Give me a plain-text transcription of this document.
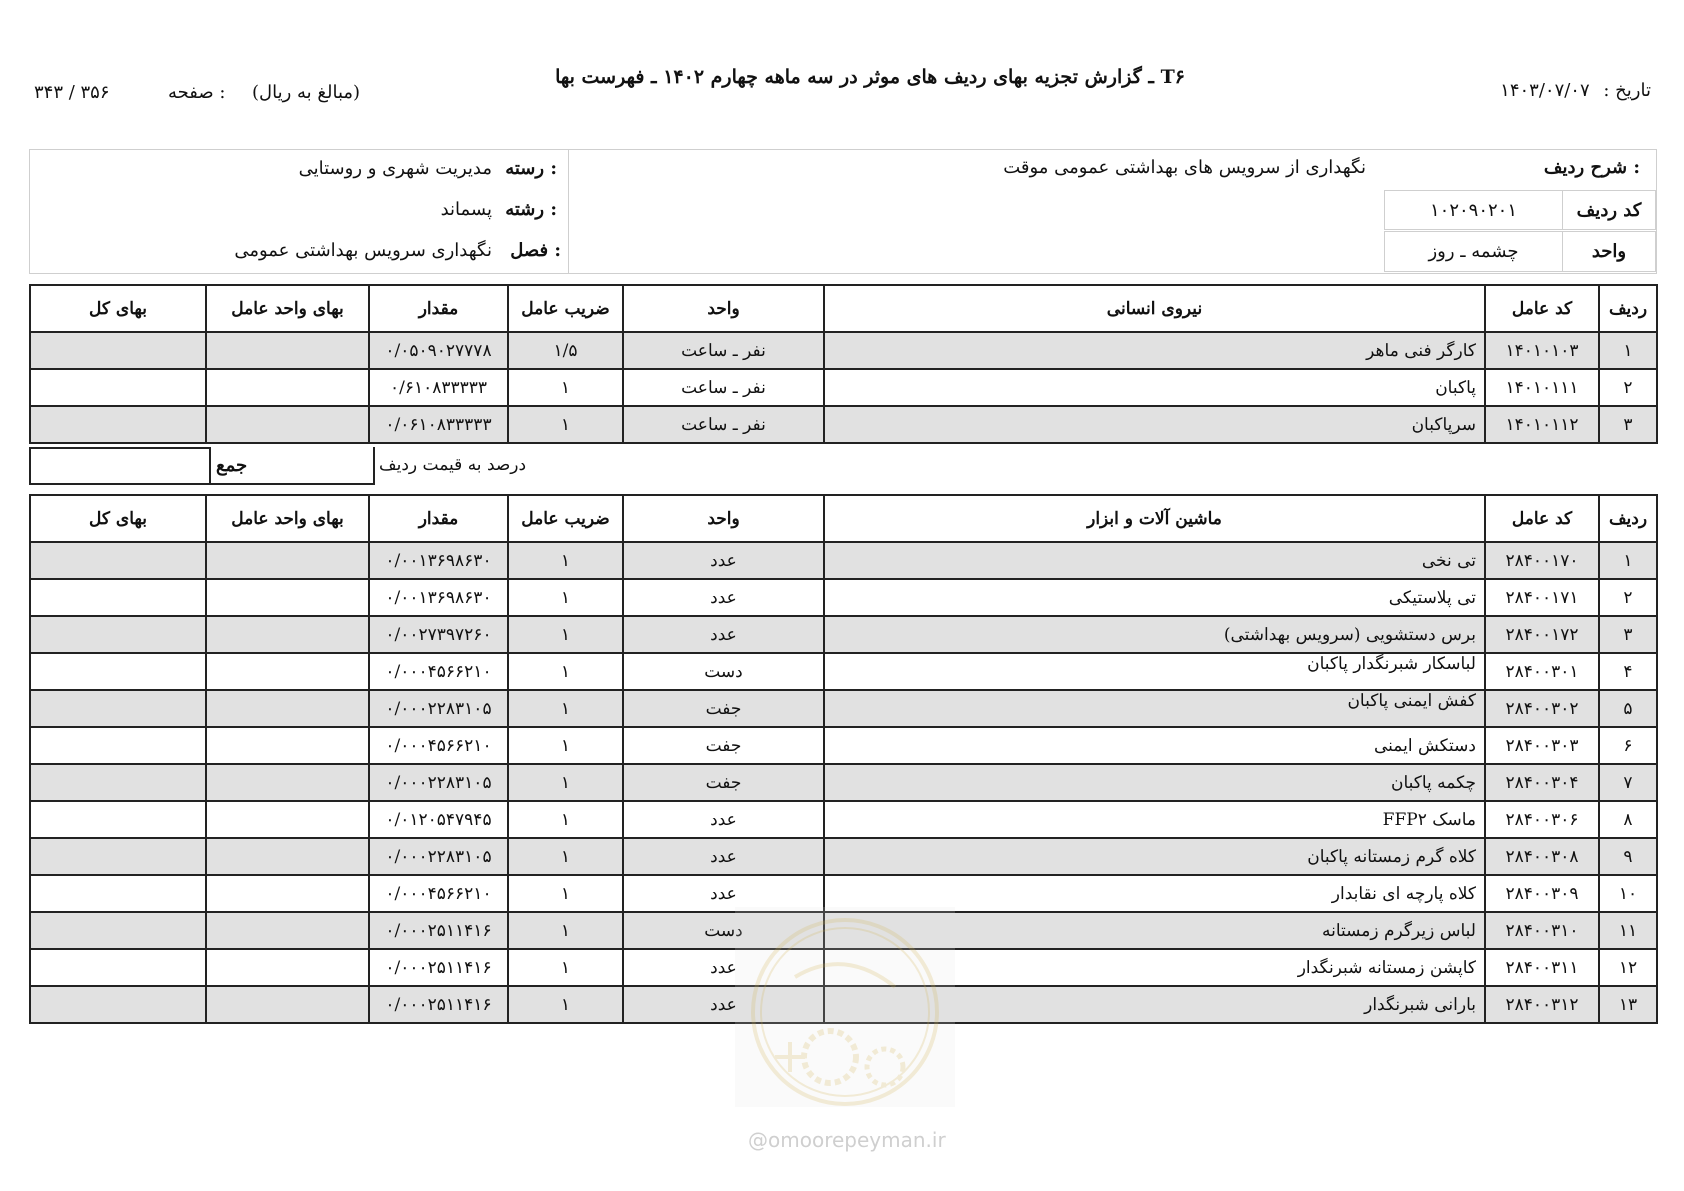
تاریخ : ۱۴۰۳/۰۷/۰۷
T۶ ـ گزارش تجزیه بهای ردیف های موثر در سه ماهه چهارم ۱۴۰۲ ـ فهرست بها
(مبالغ به ریال)
صفحه :
۳۴۳ / ۳۵۶
شرح ردیف :
نگهداری از سرویس های بهداشتی عمومی موقت
کد ردیف
۱۰۲۰۹۰۲۰۱
واحد
چشمه ـ روز
رسته :
مدیریت شهری و روستایی
رشته :
پسماند
فصل :
نگهداری سرویس بهداشتی عمومی
ردیف	کد عامل	نیروی انسانی	واحد	ضریب عامل	مقدار	بهای واحد عامل	بهای کل
۱	۱۴۰۱۰۱۰۳	کارگر فنی ماهر	نفر ـ ساعت	۱/۵	۰/۰۵۰۹۰۲۷۷۷۸		
۲	۱۴۰۱۰۱۱۱	پاکبان	نفر ـ ساعت	۱	۰/۶۱۰۸۳۳۳۳۳		
۳	۱۴۰۱۰۱۱۲	سرپاکبان	نفر ـ ساعت	۱	۰/۰۶۱۰۸۳۳۳۳۳		
جمع	درصد به قیمت ردیف
ردیف	کد عامل	ماشین آلات و ابزار	واحد	ضریب عامل	مقدار	بهای واحد عامل	بهای کل
۱	۲۸۴۰۰۱۷۰	تی نخی	عدد	۱	۰/۰۰۱۳۶۹۸۶۳۰		
۲	۲۸۴۰۰۱۷۱	تی پلاستیکی	عدد	۱	۰/۰۰۱۳۶۹۸۶۳۰		
۳	۲۸۴۰۰۱۷۲	برس دستشویی (سرویس بهداشتی)	عدد	۱	۰/۰۰۲۷۳۹۷۲۶۰		
۴	۲۸۴۰۰۳۰۱	لباسکار شبرنگدار پاکبان	دست	۱	۰/۰۰۰۴۵۶۶۲۱۰		
۵	۲۸۴۰۰۳۰۲	کفش ایمنی پاکبان	جفت	۱	۰/۰۰۰۲۲۸۳۱۰۵		
۶	۲۸۴۰۰۳۰۳	دستکش ایمنی	جفت	۱	۰/۰۰۰۴۵۶۶۲۱۰		
۷	۲۸۴۰۰۳۰۴	چکمه پاکبان	جفت	۱	۰/۰۰۰۲۲۸۳۱۰۵		
۸	۲۸۴۰۰۳۰۶	ماسک FFP۲	عدد	۱	۰/۰۱۲۰۵۴۷۹۴۵		
۹	۲۸۴۰۰۳۰۸	کلاه گرم زمستانه پاکبان	عدد	۱	۰/۰۰۰۲۲۸۳۱۰۵		
۱۰	۲۸۴۰۰۳۰۹	کلاه پارچه ای نقابدار	عدد	۱	۰/۰۰۰۴۵۶۶۲۱۰		
۱۱	۲۸۴۰۰۳۱۰	لباس زیرگرم زمستانه	دست	۱	۰/۰۰۰۲۵۱۱۴۱۶		
۱۲	۲۸۴۰۰۳۱۱	کاپشن زمستانه شبرنگدار	عدد	۱	۰/۰۰۰۲۵۱۱۴۱۶		
۱۳	۲۸۴۰۰۳۱۲	بارانی شبرنگدار	عدد	۱	۰/۰۰۰۲۵۱۱۴۱۶		
@omoorepeyman.ir
